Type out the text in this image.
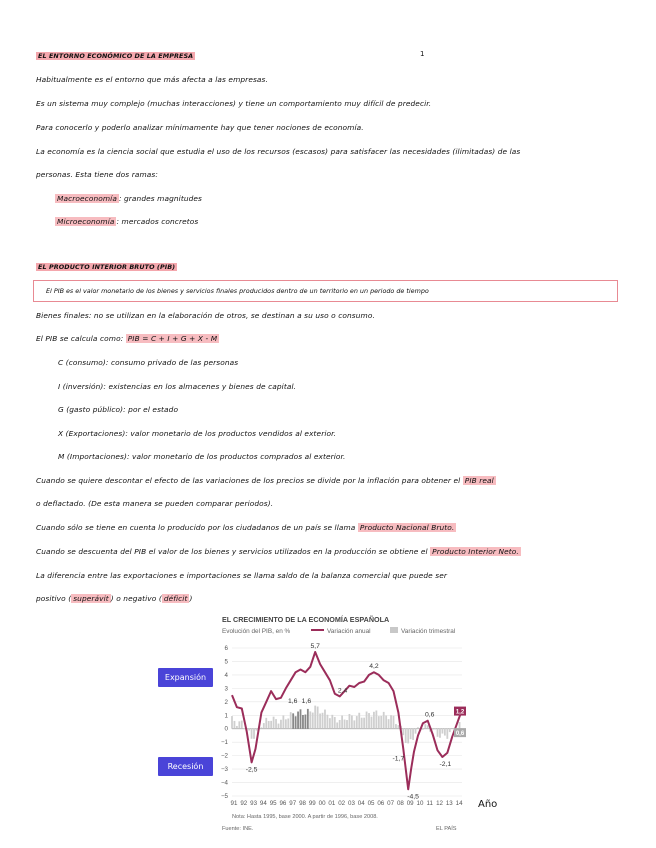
EL ENTORNO ECONÓMICO DE LA EMPRESA	1
Habitualmente es el entorno que más afecta a las empresas.
Es un sistema muy complejo (muchas interacciones) y tiene un comportamiento muy difícil de predecir.
Para conocerlo y poderlo analizar mínimamente hay que tener nociones de economía.
La economía es la ciencia social que estudia el uso de los recursos (escasos) para satisfacer las necesidades (ilimitadas) de las
personas. Esta tiene dos ramas:
Macroeconomía : grandes magnitudes
Microeconomía : mercados concretos
EL PRODUCTO INTERIOR BRUTO (PIB)
El PIB es el valor monetario de los bienes y servicios finales producidos dentro de un territorio en un periodo de tiempo
Bienes finales: no se utilizan en la elaboración de otros, se destinan a su uso o consumo.
El PIB se calcula como: PIB = C + I + G + X - M
C (consumo): consumo privado de las personas
I (inversión): existencias en los almacenes y bienes de capital.
G (gasto público): por el estado
X (Exportaciones): valor monetario de los productos vendidos al exterior.
M (Importaciones): valor monetario de los productos comprados al exterior.
Cuando se quiere descontar el efecto de las variaciones de los precios se divide por la inflación para obtener el PIB real
o deflactado. (De esta manera se pueden comparar periodos).
Cuando sólo se tiene en cuenta lo producido por los ciudadanos de un país se llama Producto Nacional Bruto.
Cuando se descuenta del PIB el valor de los bienes y servicios utilizados en la producción se obtiene el Producto Interior Neto.
La diferencia entre las exportaciones e importaciones se llama saldo de la balanza comercial que puede ser
positivo ( superávit ) o negativo ( déficit )
Expansión
Recesión
Año
EL CRECIMIENTO DE LA ECONOMÍA ESPAÑOLA
Evolución del PIB, en %	Variación anual	Variación trimestral
6
5
4
3
2
1
0
−1
−2
−3
−4
−5
91 92 93 94 95 96 97 98 99 00 01 02 03 04 05 06 07 08 09 10 11 12 13 14
-2,5
5,7
1,6 1,6
2,4
4,2
-1,7
-4,5
0,6
-2,1
1,2
0,6
Nota: Hasta 1995, base 2000. A partir de 1996, base 2008.
Fuente: INE.	EL PAÍS
